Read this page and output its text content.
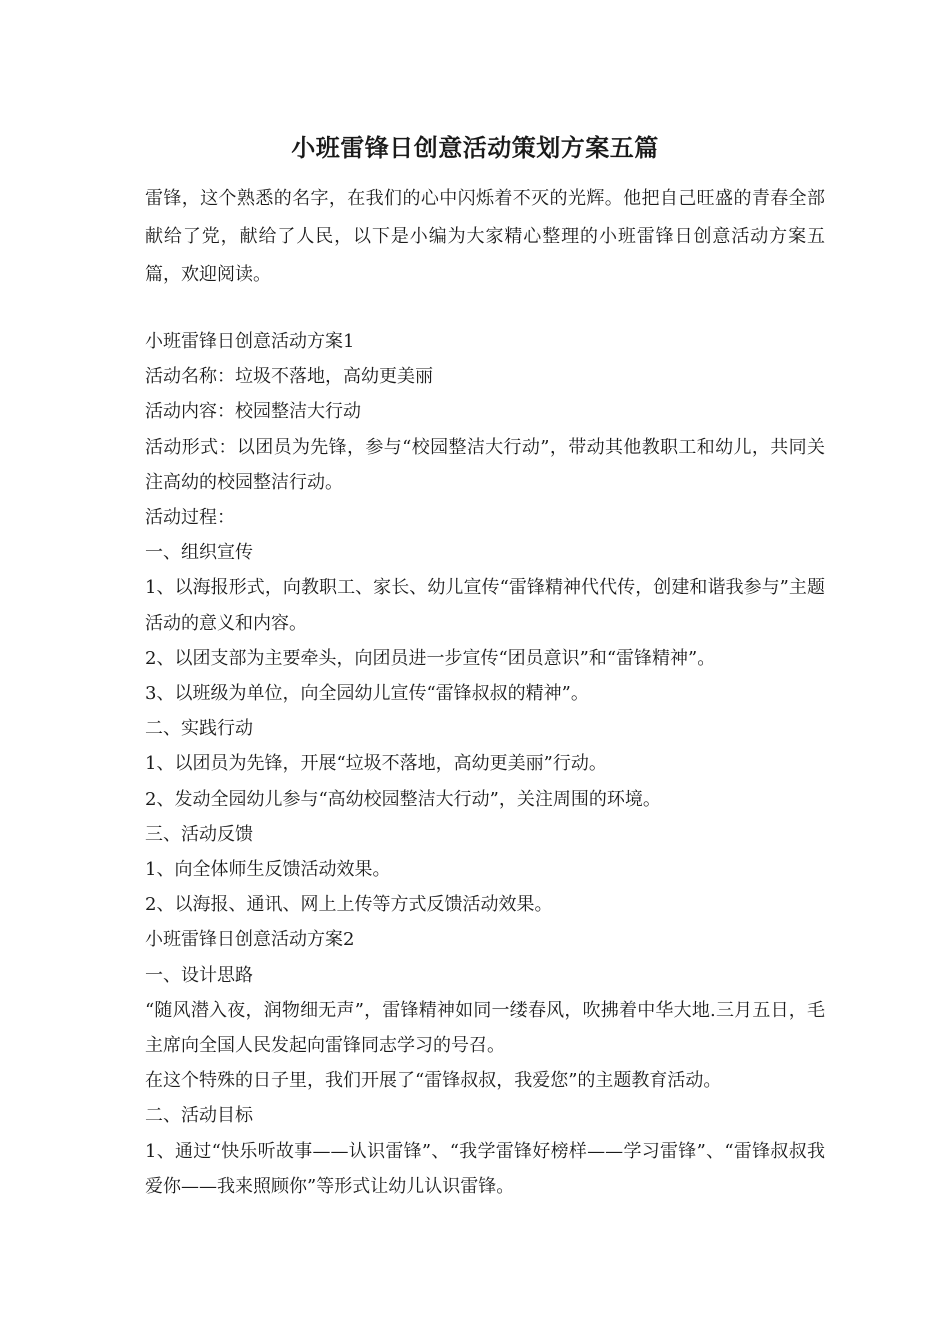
小班雷锋日创意活动策划方案五篇

雷锋，这个熟悉的名字，在我们的心中闪烁着不灭的光辉。他把自己旺盛的青春全部献给了党，献给了人民，以下是小编为大家精心整理的小班雷锋日创意活动方案五篇，欢迎阅读。

小班雷锋日创意活动方案1

活动名称：垃圾不落地，高幼更美丽

活动内容：校园整洁大行动

活动形式：以团员为先锋，参与“校园整洁大行动”，带动其他教职工和幼儿，共同关注高幼的校园整洁行动。

活动过程：

一、组织宣传

1、以海报形式，向教职工、家长、幼儿宣传“雷锋精神代代传，创建和谐我参与”主题活动的意义和内容。

2、以团支部为主要牵头，向团员进一步宣传“团员意识”和“雷锋精神”。

3、以班级为单位，向全园幼儿宣传“雷锋叔叔的精神”。

二、实践行动

1、以团员为先锋，开展“垃圾不落地，高幼更美丽”行动。

2、发动全园幼儿参与“高幼校园整洁大行动”，关注周围的环境。

三、活动反馈

1、向全体师生反馈活动效果。

2、以海报、通讯、网上上传等方式反馈活动效果。

小班雷锋日创意活动方案2

一、设计思路

“随风潜入夜，润物细无声”，雷锋精神如同一缕春风，吹拂着中华大地.三月五日，毛主席向全国人民发起向雷锋同志学习的号召。

在这个特殊的日子里，我们开展了“雷锋叔叔，我爱您”的主题教育活动。

二、活动目标

1、通过“快乐听故事——认识雷锋”、“我学雷锋好榜样——学习雷锋”、“雷锋叔叔我爱你——我来照顾你”等形式让幼儿认识雷锋。
